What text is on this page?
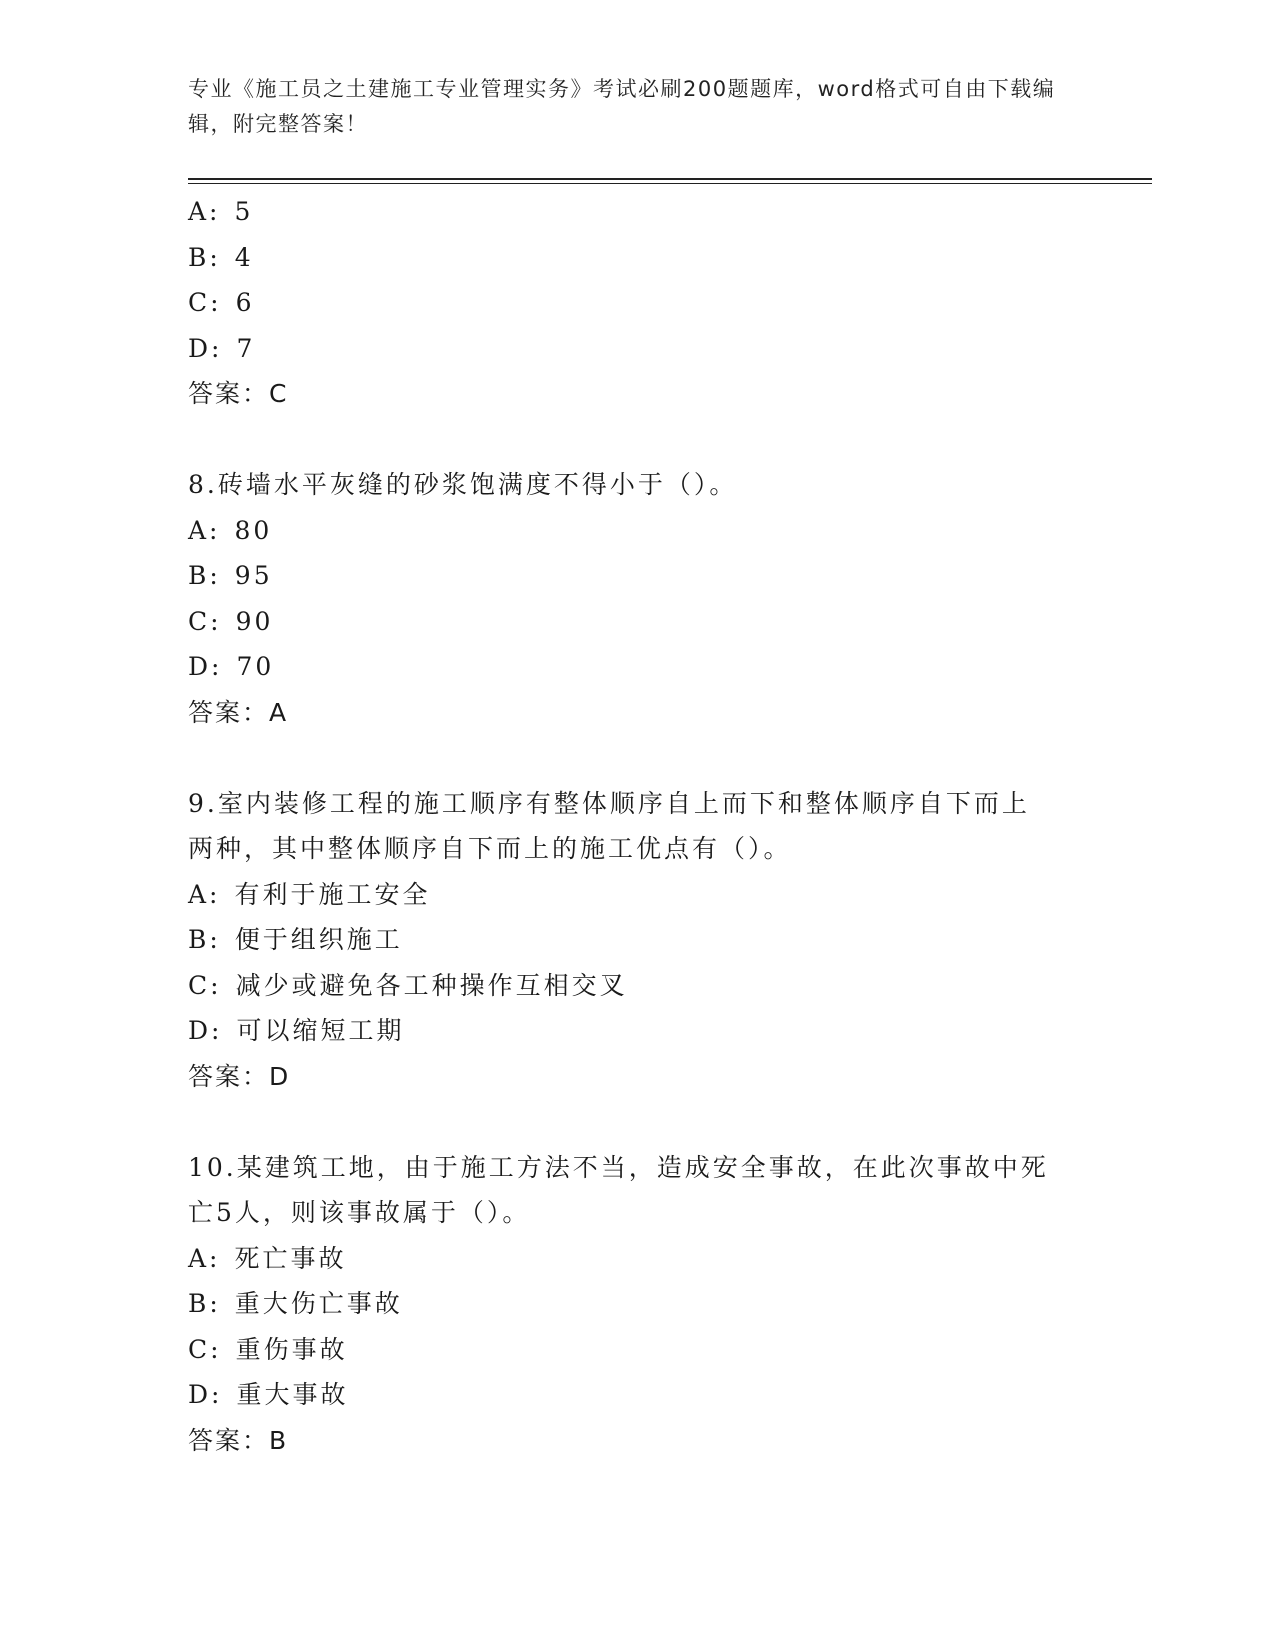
专业《施工员之土建施工专业管理实务》考试必刷200题题库，word格式可自由下载编辑，附完整答案！
A: 5
B: 4
C: 6
D: 7
答案：C
8.砖墙水平灰缝的砂浆饱满度不得小于（）。
A: 80
B: 95
C: 90
D: 70
答案：A
9.室内装修工程的施工顺序有整体顺序自上而下和整体顺序自下而上
两种，其中整体顺序自下而上的施工优点有（）。
A: 有利于施工安全
B: 便于组织施工
C: 减少或避免各工种操作互相交叉
D: 可以缩短工期
答案：D
10.某建筑工地，由于施工方法不当，造成安全事故，在此次事故中死
亡5人，则该事故属于（）。
A: 死亡事故
B: 重大伤亡事故
C: 重伤事故
D: 重大事故
答案：B
